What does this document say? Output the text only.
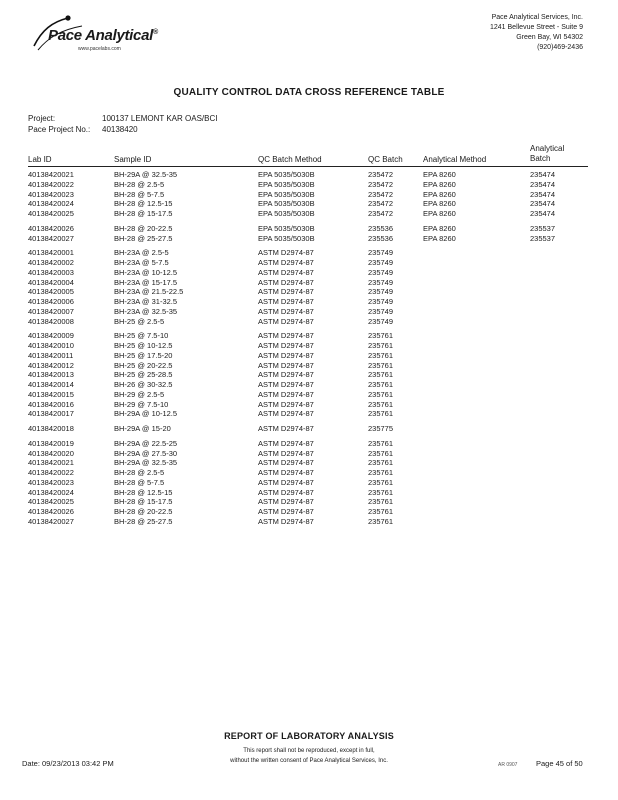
Pace Analytical®
www.pacelabs.com
Pace Analytical Services, Inc.
1241 Bellevue Street - Suite 9
Green Bay, WI 54302
(920)469-2436
QUALITY CONTROL DATA CROSS REFERENCE TABLE
Project:	100137 LEMONT KAR OAS/BCI
Pace Project No.: 40138420
Lab ID	Sample ID	QC Batch Method	QC Batch	Analytical Method
Analytical
Batch
40138420021	BH-29A @ 32.5-35	EPA 5035/5030B	235472	EPA 8260	235474
40138420022	BH-28 @ 2.5-5	EPA 5035/5030B	235472	EPA 8260	235474
40138420023	BH-28 @ 5-7.5	EPA 5035/5030B	235472	EPA 8260	235474
40138420024	BH-28 @ 12.5-15	EPA 5035/5030B	235472	EPA 8260	235474
40138420025	BH-28 @ 15-17.5	EPA 5035/5030B	235472	EPA 8260	235474
40138420026	BH-28 @ 20-22.5	EPA 5035/5030B	235536	EPA 8260	235537
40138420027	BH-28 @ 25-27.5	EPA 5035/5030B	235536	EPA 8260	235537
40138420001	BH-23A @ 2.5-5	ASTM D2974-87	235749
40138420002	BH-23A @ 5-7.5	ASTM D2974-87	235749
40138420003	BH-23A @ 10-12.5	ASTM D2974-87	235749
40138420004	BH-23A @ 15-17.5	ASTM D2974-87	235749
40138420005	BH-23A @ 21.5-22.5	ASTM D2974-87	235749
40138420006	BH-23A @ 31-32.5	ASTM D2974-87	235749
40138420007	BH-23A @ 32.5-35	ASTM D2974-87	235749
40138420008	BH-25 @ 2.5-5	ASTM D2974-87	235749
40138420009	BH-25 @ 7.5-10	ASTM D2974-87	235761
40138420010	BH-25 @ 10-12.5	ASTM D2974-87	235761
40138420011	BH-25 @ 17.5-20	ASTM D2974-87	235761
40138420012	BH-25 @ 20-22.5	ASTM D2974-87	235761
40138420013	BH-25 @ 25-28.5	ASTM D2974-87	235761
40138420014	BH-26 @ 30-32.5	ASTM D2974-87	235761
40138420015	BH-29 @ 2.5-5	ASTM D2974-87	235761
40138420016	BH-29 @ 7.5-10	ASTM D2974-87	235761
40138420017	BH-29A @ 10-12.5	ASTM D2974-87	235761
40138420018	BH-29A @ 15-20	ASTM D2974-87	235775
40138420019	BH-29A @ 22.5-25	ASTM D2974-87	235761
40138420020	BH-29A @ 27.5-30	ASTM D2974-87	235761
40138420021	BH-29A @ 32.5-35	ASTM D2974-87	235761
40138420022	BH-28 @ 2.5-5	ASTM D2974-87	235761
40138420023	BH-28 @ 5-7.5	ASTM D2974-87	235761
40138420024	BH-28 @ 12.5-15	ASTM D2974-87	235761
40138420025	BH-28 @ 15-17.5	ASTM D2974-87	235761
40138420026	BH-28 @ 20-22.5	ASTM D2974-87	235761
40138420027	BH-28 @ 25-27.5	ASTM D2974-87	235761
REPORT OF LABORATORY ANALYSIS
This report shall not be reproduced, except in full,
without the written consent of Pace Analytical Services, Inc.
Date: 09/23/2013 03:42 PM	AR 0907 Page 45 of 50
